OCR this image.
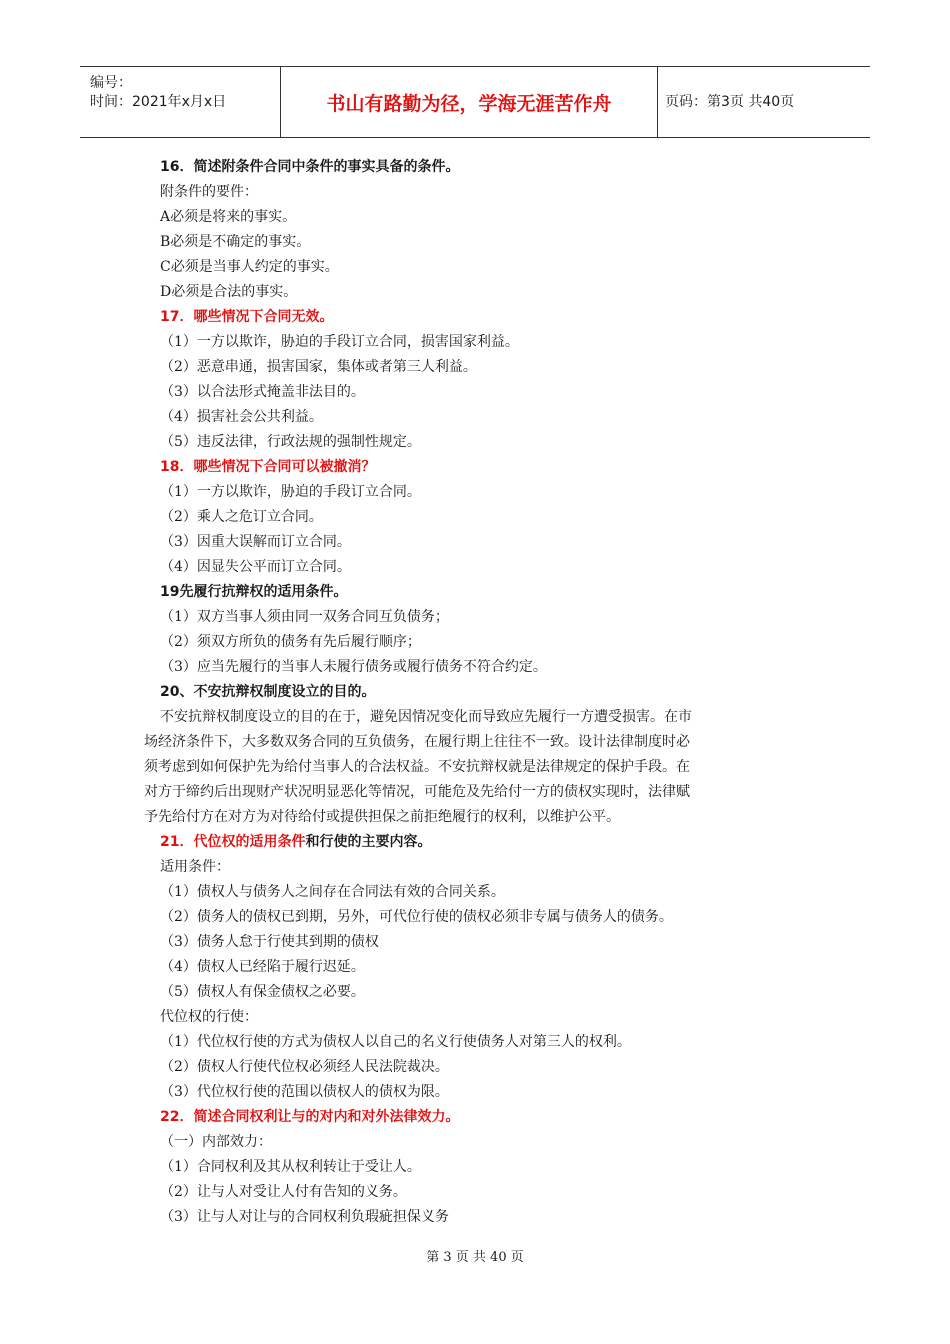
编号：
时间：2021年x月x日	书山有路勤为径，学海无涯苦作舟	页码：第3页 共40页
16．简述附条件合同中条件的事实具备的条件。
附条件的要件：
A必须是将来的事实。
B必须是不确定的事实。
C必须是当事人约定的事实。
D必须是合法的事实。
17．哪些情况下合同无效。
（1）一方以欺诈，胁迫的手段订立合同，损害国家利益。
（2）恶意串通，损害国家，集体或者第三人利益。
（3）以合法形式掩盖非法目的。
（4）损害社会公共利益。
（5）违反法律，行政法规的强制性规定。
18．哪些情况下合同可以被撤消？
（1）一方以欺诈，胁迫的手段订立合同。
（2）乘人之危订立合同。
（3）因重大误解而订立合同。
（4）因显失公平而订立合同。
19先履行抗辩权的适用条件。
（1）双方当事人须由同一双务合同互负债务；
（2）须双方所负的债务有先后履行顺序；
（3）应当先履行的当事人未履行债务或履行债务不符合约定。
20、不安抗辩权制度设立的目的。
不安抗辩权制度设立的目的在于，避免因情况变化而导致应先履行一方遭受损害。在市
场经济条件下，大多数双务合同的互负债务，在履行期上往往不一致。设计法律制度时必
须考虑到如何保护先为给付当事人的合法权益。不安抗辩权就是法律规定的保护手段。在
对方于缔约后出现财产状况明显恶化等情况，可能危及先给付一方的债权实现时，法律赋
予先给付方在对方为对待给付或提供担保之前拒绝履行的权利，以维护公平。
21．代位权的适用条件和行使的主要内容。
适用条件：
（1）债权人与债务人之间存在合同法有效的合同关系。
（2）债务人的债权已到期，另外，可代位行使的债权必须非专属与债务人的债务。
（3）债务人怠于行使其到期的债权
（4）债权人已经陷于履行迟延。
（5）债权人有保金债权之必要。
代位权的行使：
（1）代位权行使的方式为债权人以自己的名义行使债务人对第三人的权利。
（2）债权人行使代位权必须经人民法院裁决。
（3）代位权行使的范围以债权人的债权为限。
22．简述合同权利让与的对内和对外法律效力。
（一）内部效力：
（1）合同权利及其从权利转让于受让人。
（2）让与人对受让人付有告知的义务。
（3）让与人对让与的合同权利负瑕疵担保义务
第 3 页 共 40 页
